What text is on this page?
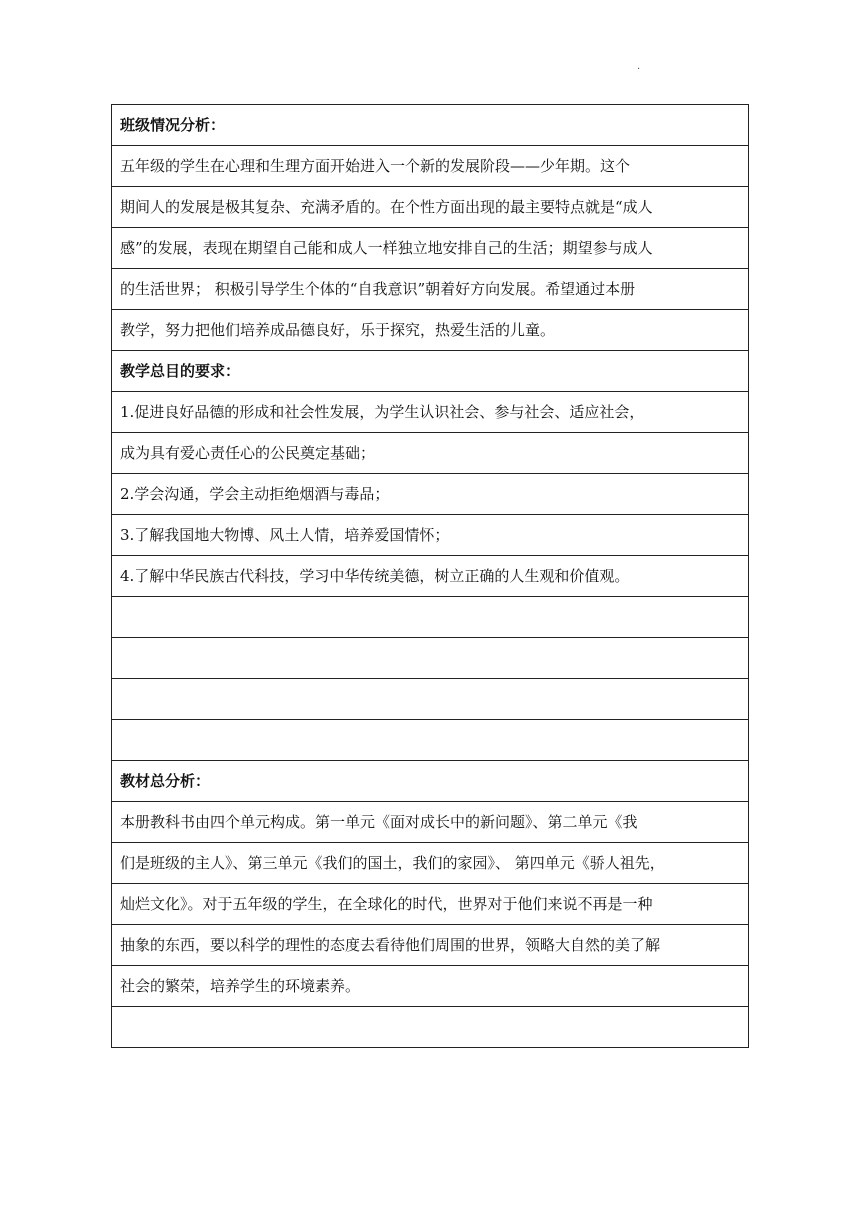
·
班级情况分析：
五年级的学生在心理和生理方面开始进入一个新的发展阶段——少年期。这个
期间人的发展是极其复杂、充满矛盾的。在个性方面出现的最主要特点就是“成人
感”的发展，表现在期望自己能和成人一样独立地安排自己的生活；期望参与成人
的生活世界； 积极引导学生个体的“自我意识”朝着好方向发展。希望通过本册
教学，努力把他们培养成品德良好，乐于探究，热爱生活的儿童。
教学总目的要求：
1.促进良好品德的形成和社会性发展，为学生认识社会、参与社会、适应社会，
成为具有爱心责任心的公民奠定基础；
2.学会沟通，学会主动拒绝烟酒与毒品；
3.了解我国地大物博、风土人情，培养爱国情怀；
4.了解中华民族古代科技，学习中华传统美德，树立正确的人生观和价值观。

教材总分析：
本册教科书由四个单元构成。第一单元《面对成长中的新问题》、第二单元《我
们是班级的主人》、第三单元《我们的国土，我们的家园》、 第四单元《骄人祖先，
灿烂文化》。对于五年级的学生，在全球化的时代，世界对于他们来说不再是一种
抽象的东西，要以科学的理性的态度去看待他们周围的世界，领略大自然的美了解
社会的繁荣，培养学生的环境素养。
